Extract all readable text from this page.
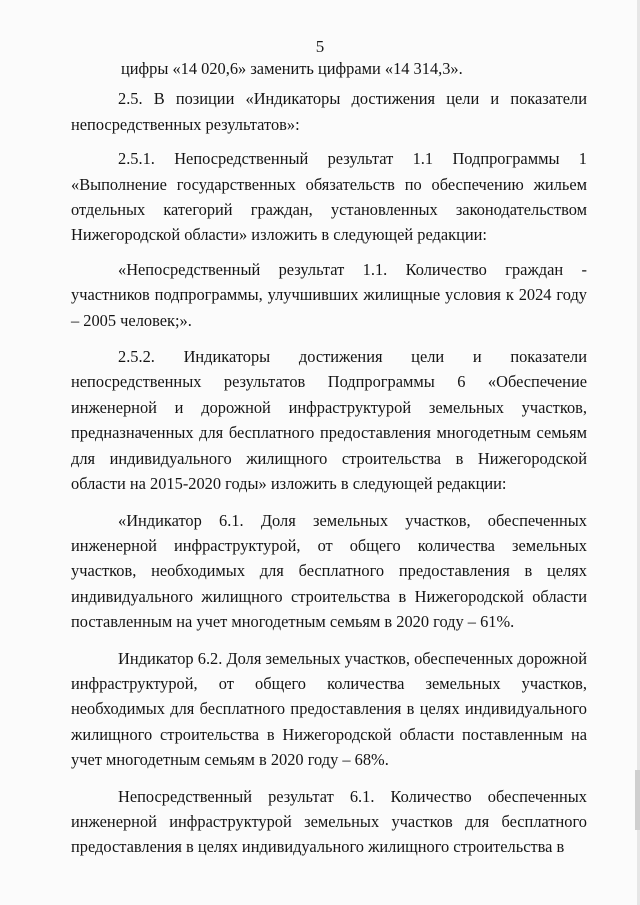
5

цифры «14 020,6» заменить цифрами «14 314,3».

2.5. В позиции «Индикаторы достижения цели и показатели непосредственных результатов»:

2.5.1. Непосредственный результат 1.1 Подпрограммы 1 «Выполнение государственных обязательств по обеспечению жильем отдельных категорий граждан, установленных законодательством Нижегородской области» изложить в следующей редакции:

«Непосредственный результат 1.1. Количество граждан - участников подпрограммы, улучшивших жилищные условия к 2024 году – 2005 человек;».

2.5.2. Индикаторы достижения цели и показатели непосредственных результатов Подпрограммы 6 «Обеспечение инженерной и дорожной инфраструктурой земельных участков, предназначенных для бесплатного предоставления многодетным семьям для индивидуального жилищного строительства в Нижегородской области на 2015-2020 годы» изложить в следующей редакции:

«Индикатор 6.1. Доля земельных участков, обеспеченных инженерной инфраструктурой, от общего количества земельных участков, необходимых для бесплатного предоставления в целях индивидуального жилищного строительства в Нижегородской области поставленным на учет многодетным семьям в 2020 году – 61%.

Индикатор 6.2. Доля земельных участков, обеспеченных дорожной инфраструктурой, от общего количества земельных участков, необходимых для бесплатного предоставления в целях индивидуального жилищного строительства в Нижегородской области поставленным на учет многодетным семьям в 2020 году – 68%.

Непосредственный результат 6.1. Количество обеспеченных инженерной инфраструктурой земельных участков для бесплатного предоставления в целях индивидуального жилищного строительства в
